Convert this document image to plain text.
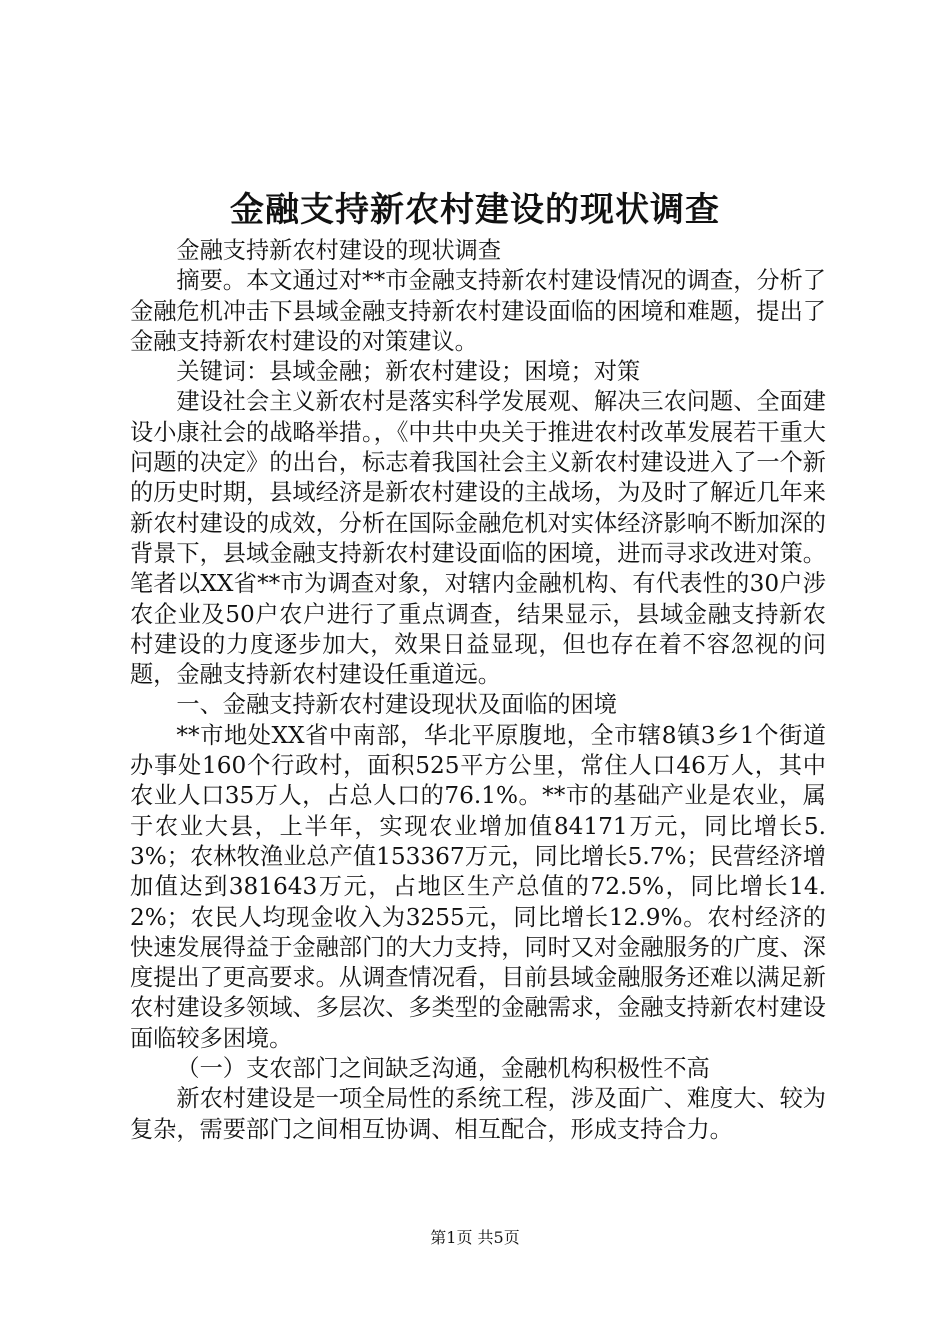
金融支持新农村建设的现状调查

金融支持新农村建设的现状调查

摘要。本文通过对**市金融支持新农村建设情况的调查，分析了金融危机冲击下县域金融支持新农村建设面临的困境和难题，提出了金融支持新农村建设的对策建议。

关键词：县域金融；新农村建设；困境；对策

建设社会主义新农村是落实科学发展观、解决三农问题、全面建设小康社会的战略举措。，《中共中央关于推进农村改革发展若干重大问题的决定》的出台，标志着我国社会主义新农村建设进入了一个新的历史时期，县域经济是新农村建设的主战场，为及时了解近几年来新农村建设的成效，分析在国际金融危机对实体经济影响不断加深的背景下，县域金融支持新农村建设面临的困境，进而寻求改进对策。笔者以XX省**市为调查对象，对辖内金融机构、有代表性的30户涉农企业及50户农户进行了重点调查，结果显示，县域金融支持新农村建设的力度逐步加大，效果日益显现，但也存在着不容忽视的问题，金融支持新农村建设任重道远。

一、金融支持新农村建设现状及面临的困境

**市地处XX省中南部，华北平原腹地，全市辖8镇3乡1个街道办事处160个行政村，面积525平方公里，常住人口46万人，其中农业人口35万人，占总人口的76.1%。**市的基础产业是农业，属于农业大县，上半年，实现农业增加值84171万元，同比增长5.3%；农林牧渔业总产值153367万元，同比增长5.7%；民营经济增加值达到381643万元，占地区生产总值的72.5%，同比增长14.2%；农民人均现金收入为3255元，同比增长12.9%。农村经济的快速发展得益于金融部门的大力支持，同时又对金融服务的广度、深度提出了更高要求。从调查情况看，目前县域金融服务还难以满足新农村建设多领域、多层次、多类型的金融需求，金融支持新农村建设面临较多困境。

（一）支农部门之间缺乏沟通，金融机构积极性不高

新农村建设是一项全局性的系统工程，涉及面广、难度大、较为复杂，需要部门之间相互协调、相互配合，形成支持合力。

第1页 共5页
